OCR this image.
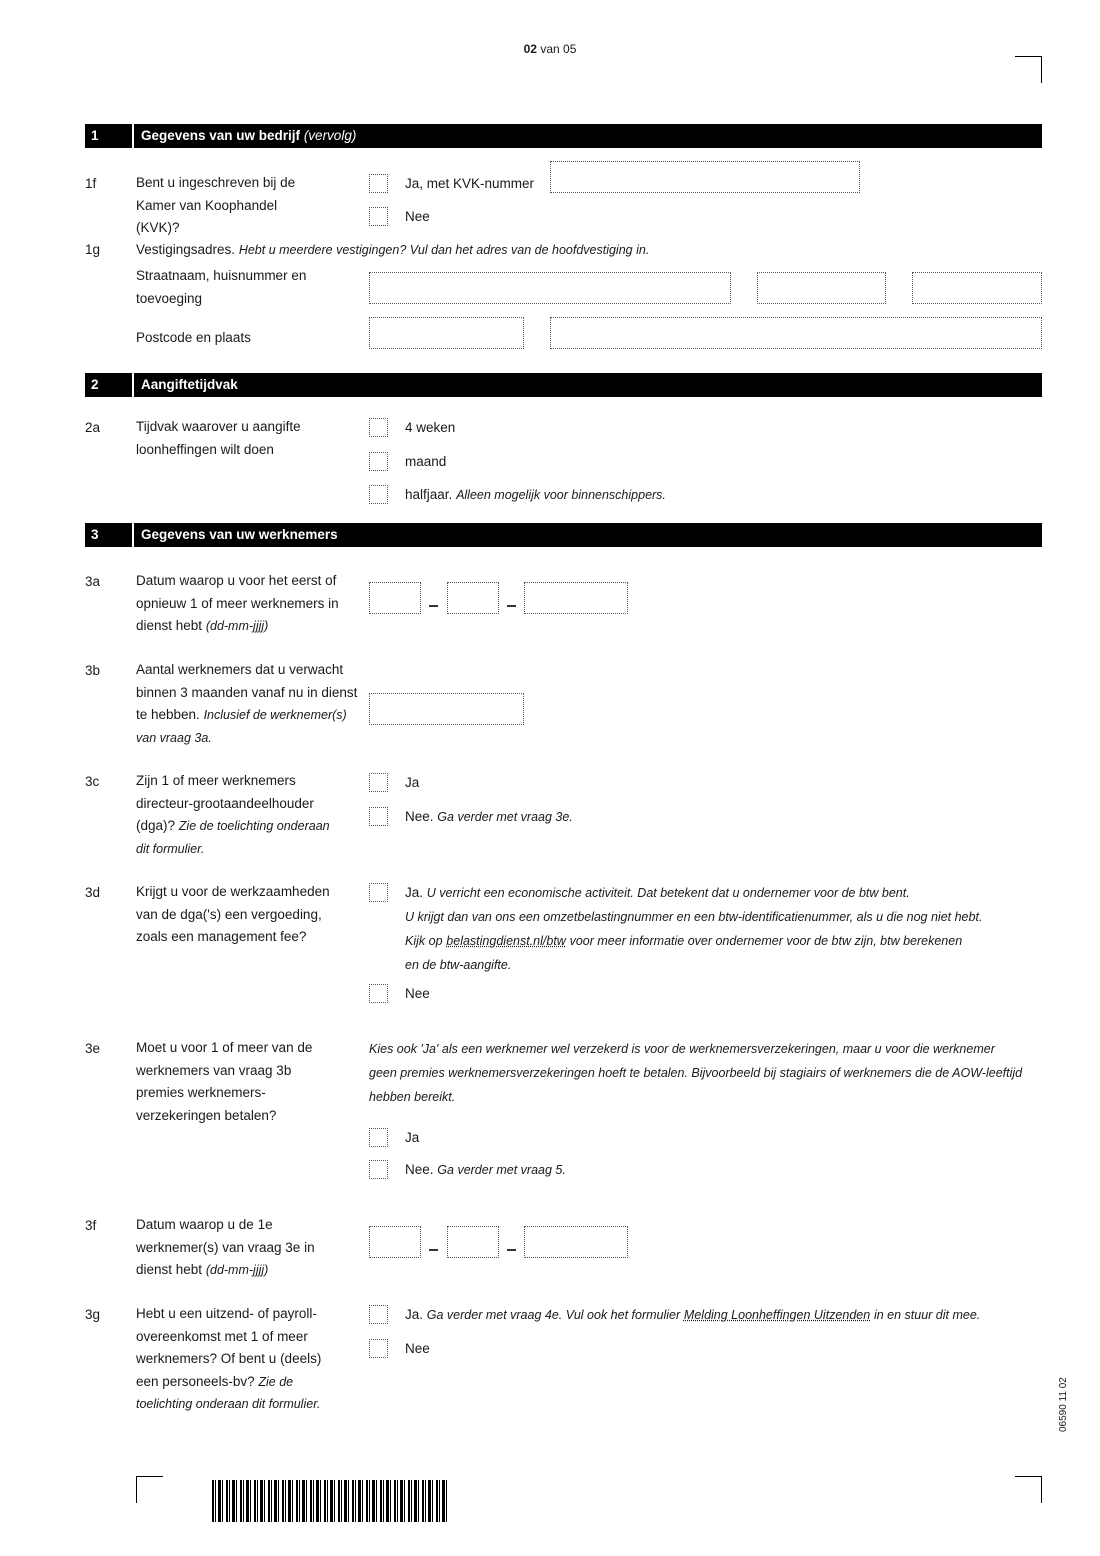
02 van 05
1	Gegevens van uw bedrijf (vervolg)
1f	Bent u ingeschreven bij de Kamer van Koophandel (KVK)?
Ja, met KVK-nummer
Nee
1g	Vestigingsadres. Hebt u meerdere vestigingen? Vul dan het adres van de hoofdvestiging in.
Straatnaam, huisnummer en toevoeging
Postcode en plaats
2	Aangiftetijdvak
2a	Tijdvak waarover u aangifte loonheffingen wilt doen
4 weken
maand
halfjaar. Alleen mogelijk voor binnenschippers.
3	Gegevens van uw werknemers
3a	Datum waarop u voor het eerst of opnieuw 1 of meer werknemers in dienst hebt (dd-mm-jjjj)
3b	Aantal werknemers dat u verwacht binnen 3 maanden vanaf nu in dienst te hebben. Inclusief de werknemer(s) van vraag 3a.
3c	Zijn 1 of meer werknemers directeur-grootaandeelhouder (dga)? Zie de toelichting onderaan dit formulier.
Ja
Nee. Ga verder met vraag 3e.
3d	Krijgt u voor de werkzaamheden van de dga('s) een vergoeding, zoals een management fee?
Ja. U verricht een economische activiteit. Dat betekent dat u ondernemer voor de btw bent.
U krijgt dan van ons een omzetbelastingnummer en een btw-identificatienummer, als u die nog niet hebt.
Kijk op belastingdienst.nl/btw voor meer informatie over ondernemer voor de btw zijn, btw berekenen
en de btw-aangifte.
Nee
3e	Moet u voor 1 of meer van de werknemers van vraag 3b premies werknemers-verzekeringen betalen?
Kies ook 'Ja' als een werknemer wel verzekerd is voor de werknemersverzekeringen, maar u voor die werknemer
geen premies werknemersverzekeringen hoeft te betalen. Bijvoorbeeld bij stagiairs of werknemers die de AOW-leeftijd
hebben bereikt.
Ja
Nee. Ga verder met vraag 5.
3f	Datum waarop u de 1e werknemer(s) van vraag 3e in dienst hebt (dd-mm-jjjj)
3g	Hebt u een uitzend- of payroll-overeenkomst met 1 of meer werknemers? Of bent u (deels) een personeels-bv? Zie de toelichting onderaan dit formulier.
Ja. Ga verder met vraag 4e. Vul ook het formulier Melding Loonheffingen Uitzenden in en stuur dit mee.
Nee
06590 11 02
